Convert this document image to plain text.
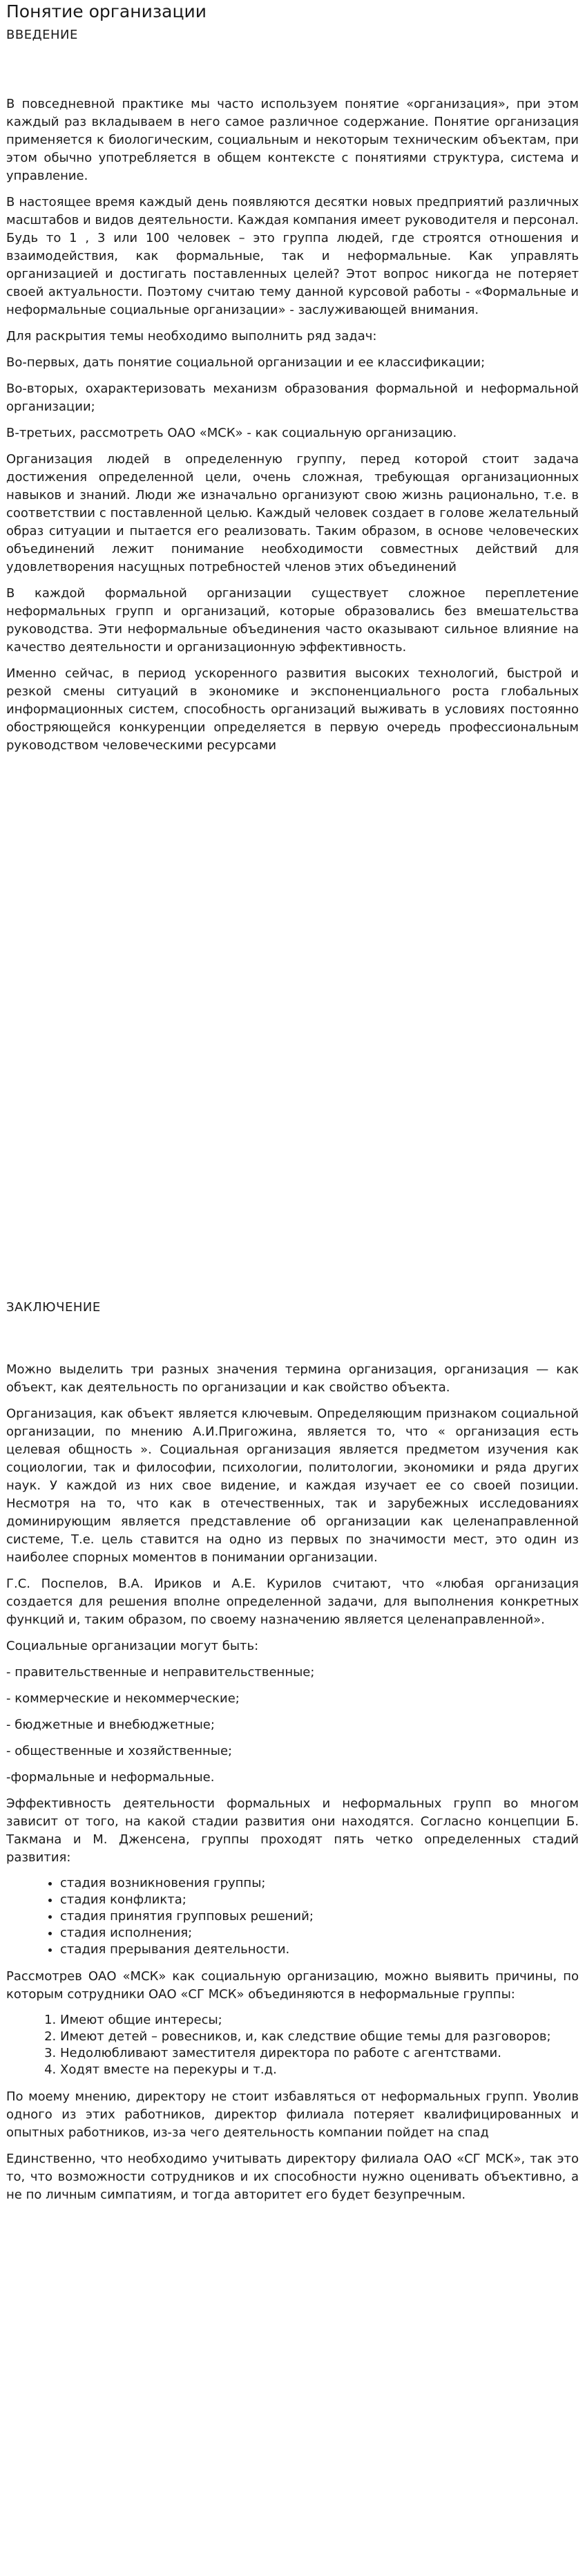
Понятие организации
ВВЕДЕНИЕ

В повседневной практике мы часто используем понятие «организация», при этом каждый раз вкладываем в него самое различное содержание. Понятие организация применяется к биологическим, социальным и некоторым техническим объектам, при этом обычно употребляется в общем контексте с понятиями структура, система и управление.

В настоящее время каждый день появляются десятки новых предприятий различных масштабов и видов деятельности. Каждая компания имеет руководителя и персонал. Будь то 1 , 3 или 100 человек – это группа людей, где строятся отношения и взаимодействия, как формальные, так и неформальные. Как управлять организацией и достигать поставленных целей? Этот вопрос никогда не потеряет своей актуальности. Поэтому считаю тему данной курсовой работы - «Формальные и неформальные социальные организации» - заслуживающей внимания.

Для раскрытия темы необходимо выполнить ряд задач:

Во-первых, дать понятие социальной организации и ее классификации;

Во-вторых, охарактеризовать механизм образования формальной и неформальной организации;

В-третьих, рассмотреть ОАО «МСК» - как социальную организацию.

Организация людей в определенную группу, перед которой стоит задача достижения определенной цели, очень сложная, требующая организационных навыков и знаний. Люди же изначально организуют свою жизнь рационально, т.е. в соответствии с поставленной целью. Каждый человек создает в голове желательный образ ситуации и пытается его реализовать. Таким образом, в основе человеческих объединений лежит понимание необходимости совместных действий для удовлетворения насущных потребностей членов этих объединений

В каждой формальной организации существует сложное переплетение неформальных групп и организаций, которые образовались без вмешательства руководства. Эти неформальные объединения часто оказывают сильное влияние на качество деятельности и организационную эффективность.

Именно сейчас, в период ускоренного развития высоких технологий, быстрой и резкой смены ситуаций в экономике и экспоненциального роста глобальных информационных систем, способность организаций выживать в условиях постоянно обостряющейся конкуренции определяется в первую очередь профессиональным руководством человеческими ресурсами

ЗАКЛЮЧЕНИЕ

Можно выделить три разных значения термина организация, организация — как объект, как деятельность по организации и как свойство объекта.

Организация, как объект является ключевым. Определяющим признаком социальной организации, по мнению А.И.Пригожина, является то, что « организация есть целевая общность ». Социальная организация является предметом изучения как социологии, так и философии, психологии, политологии, экономики и ряда других наук. У каждой из них свое видение, и каждая изучает ее со своей позиции. Несмотря на то, что как в отечественных, так и зарубежных исследованиях доминирующим является представление об организации как целенаправленной системе, Т.е. цель ставится на одно из первых по значимости мест, это один из наиболее спорных моментов в понимании организации.

Г.С. Поспелов, В.А. Ириков и А.Е. Курилов считают, что «любая организация создается для решения вполне определенной задачи, для выполнения конкретных функций и, таким образом, по своему назначению является целенаправленной».

Социальные организации могут быть:

- правительственные и неправительственные;

- коммерческие и некоммерческие;

- бюджетные и внебюджетные;

- общественные и хозяйственные;

-формальные и неформальные.

Эффективность деятельности формальных и неформальных групп во многом зависит от того, на какой стадии развития они находятся. Согласно концепции Б. Такмана и М. Дженсена, группы проходят пять четко определенных стадий развития:

• стадия возникновения группы;
• стадия конфликта;
• стадия принятия групповых решений;
• стадия исполнения;
• стадия прерывания деятельности.

Рассмотрев ОАО «МСК» как социальную организацию, можно выявить причины, по которым сотрудники ОАО «СГ МСК» объединяются в неформальные группы:

1. Имеют общие интересы;
2. Имеют детей – ровесников, и, как следствие общие темы для разговоров;
3. Недолюбливают заместителя директора по работе с агентствами.
4. Ходят вместе на перекуры и т.д.

По моему мнению, директору не стоит избавляться от неформальных групп. Уволив одного из этих работников, директор филиала потеряет квалифицированных и опытных работников, из-за чего деятельность компании пойдет на спад

Единственно, что необходимо учитывать директору филиала ОАО «СГ МСК», так это то, что возможности сотрудников и их способности нужно оценивать объективно, а не по личным симпатиям, и тогда авторитет его будет безупречным.
